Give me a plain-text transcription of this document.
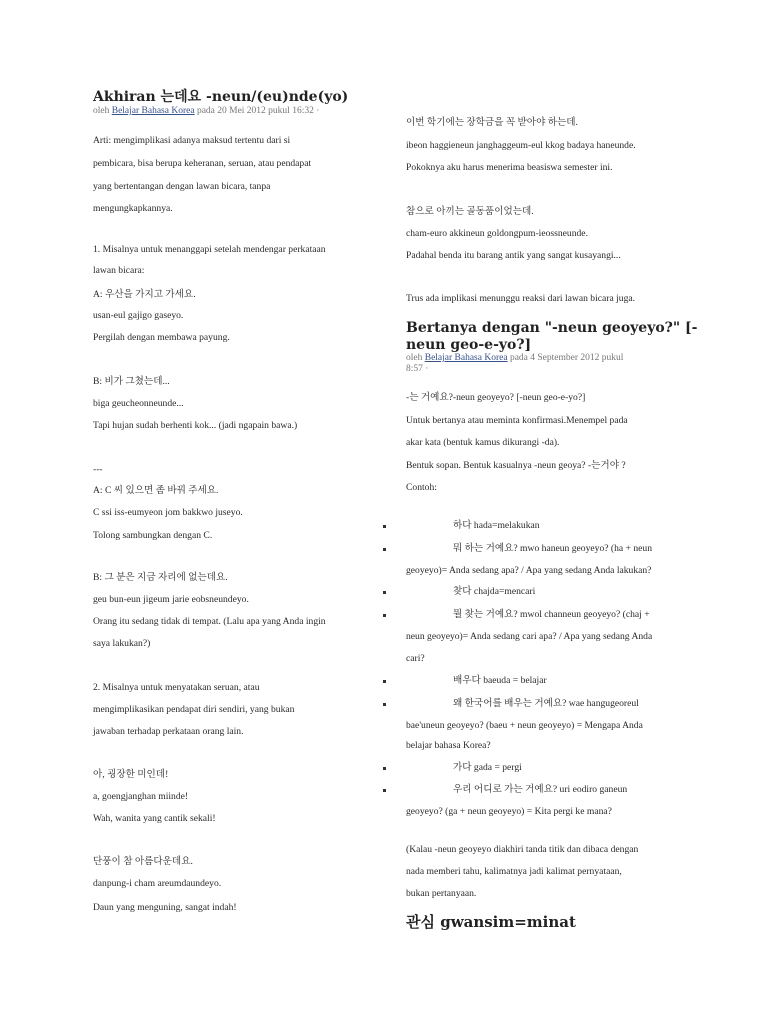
Akhiran 는데요 -neun/(eu)nde(yo)
oleh Belajar Bahasa Korea pada 20 Mei 2012 pukul 16:32 ·
Arti: mengimplikasi adanya maksud tertentu dari si
pembicara, bisa berupa keheranan, seruan, atau pendapat
yang bertentangan dengan lawan bicara, tanpa
mengungkapkannya.
1. Misalnya untuk menanggapi setelah mendengar perkataan
lawan bicara:
A: 우산을 가지고 가세요.
usan-eul gajigo gaseyo.
Pergilah dengan membawa payung.
B: 비가 그쳤는데...
biga geucheonneunde...
Tapi hujan sudah berhenti kok... (jadi ngapain bawa.)
---
A: C 씨 있으면 좀 바꿔 주세요.
C ssi iss-eumyeon jom bakkwo juseyo.
Tolong sambungkan dengan C.
B: 그 분은 지금 자리에 없는데요.
geu bun-eun jigeum jarie eobsneundeyo.
Orang itu sedang tidak di tempat. (Lalu apa yang Anda ingin
saya lakukan?)
2. Misalnya untuk menyatakan seruan, atau
mengimplikasikan pendapat diri sendiri, yang bukan
jawaban terhadap perkataan orang lain.
아, 굉장한 미인데!
a, goengjanghan miinde!
Wah, wanita yang cantik sekali!
단풍이 참 아름다운데요.
danpung-i cham areumdaundeyo.
Daun yang menguning, sangat indah!
이번 학기에는 장학금을 꼭 받아야 하는데.
ibeon haggieneun janghaggeum-eul kkog badaya haneunde.
Pokoknya aku harus menerima beasiswa semester ini.
참으로 아끼는 골동품이었는데.
cham-euro akkineun goldongpum-ieossneunde.
Padahal benda itu barang antik yang sangat kusayangi...
Trus ada implikasi menunggu reaksi dari lawan bicara juga.
-는 거예요?-neun geoyeyo? [-neun geo-e-yo?]
Untuk bertanya atau meminta konfirmasi.Menempel pada
akar kata (bentuk kamus dikurangi -da).
Bentuk sopan. Bentuk kasualnya -neun geoya? -는거야 ?
Contoh:
하다 hada=melakukan
뭐 하는 거예요? mwo haneun geoyeyo? (ha + neun
geoyeyo)= Anda sedang apa? / Apa yang sedang Anda lakukan?
찾다 chajda=mencari
뭘 찾는 거예요? mwol channeun geoyeyo? (chaj +
neun geoyeyo)= Anda sedang cari apa? / Apa yang sedang Anda
cari?
배우다 baeuda = belajar
왜 한국어를 배우는 거예요? wae hangugeoreul
bae'uneun geoyeyo? (baeu + neun geoyeyo) = Mengapa Anda
belajar bahasa Korea?
가다 gada = pergi
우리 어디로 가는 거예요? uri eodiro ganeun
geoyeyo? (ga + neun geoyeyo) = Kita pergi ke mana?
(Kalau -neun geoyeyo diakhiri tanda titik dan dibaca dengan
nada memberi tahu, kalimatnya jadi kalimat pernyataan,
bukan pertanyaan.
Bertanya dengan "-neun geoyeyo?" [-
neun geo-e-yo?]
oleh Belajar Bahasa Korea pada 4 September 2012 pukul
8:57 ·
관심 gwansim=minat
